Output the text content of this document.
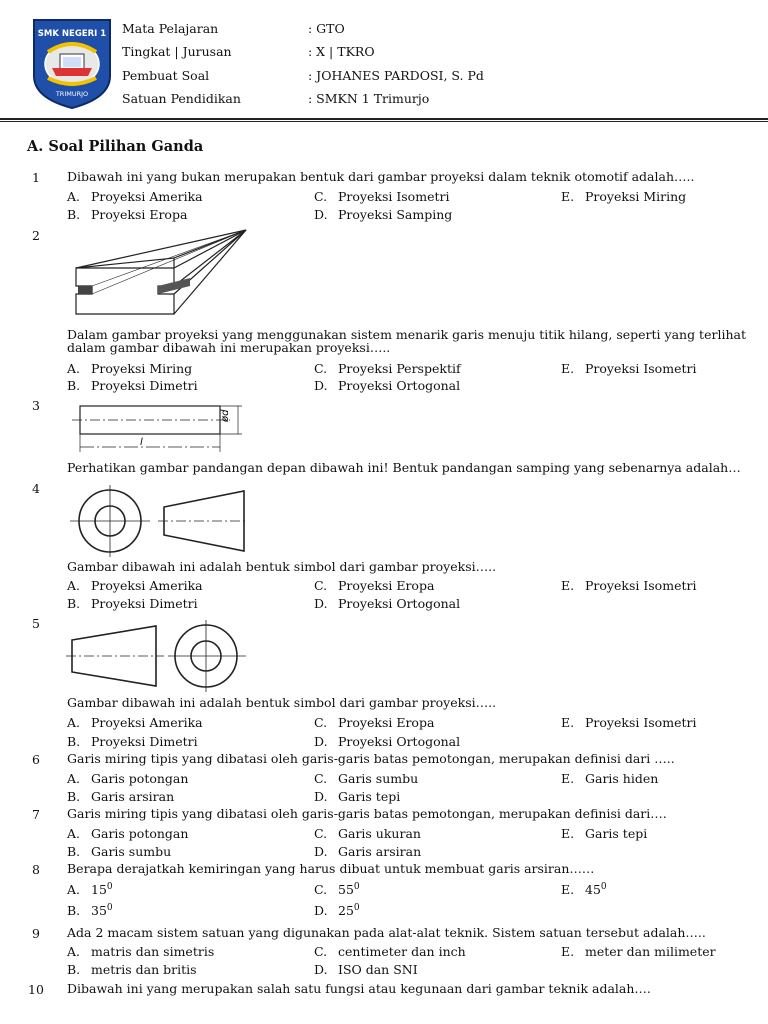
SMK NEGERI 1
TRIMURJO
Mata Pelajaran	: GTO
Tingkat | Jurusan	: X | TKRO
Pembuat Soal	: JOHANES PARDOSI, S. Pd
Satuan Pendidikan	: SMKN 1 Trimurjo
A. Soal Pilihan Ganda
1 Dibawah ini yang bukan merupakan bentuk dari gambar proyeksi dalam teknik otomotif adalah…..
A. Proyeksi Amerika	C. Proyeksi Isometri	E. Proyeksi Miring
B. Proyeksi Eropa	D. Proyeksi Samping
2
Dalam gambar proyeksi yang menggunakan sistem menarik garis menuju titik hilang, seperti yang terlihat dalam gambar dibawah ini merupakan proyeksi…..
A. Proyeksi Miring	C. Proyeksi Perspektif	E. Proyeksi Isometri
B. Proyeksi Dimetri	D. Proyeksi Ortogonal
3
ød
l
Perhatikan gambar pandangan depan dibawah ini! Bentuk pandangan samping yang sebenarnya adalah…
4
Gambar dibawah ini adalah bentuk simbol dari gambar proyeksi…..
A. Proyeksi Amerika	C. Proyeksi Eropa	E. Proyeksi Isometri
B. Proyeksi Dimetri	D. Proyeksi Ortogonal
5
Gambar dibawah ini adalah bentuk simbol dari gambar proyeksi…..
A. Proyeksi Amerika	C. Proyeksi Eropa	E. Proyeksi Isometri
B. Proyeksi Dimetri	D. Proyeksi Ortogonal
6 Garis miring tipis yang dibatasi oleh garis-garis batas pemotongan, merupakan definisi dari …..
A. Garis potongan	C. Garis sumbu	E. Garis hiden
B. Garis arsiran	D. Garis tepi
7 Garis miring tipis yang dibatasi oleh garis-garis batas pemotongan, merupakan definisi dari….
A. Garis potongan	C. Garis ukuran	E. Garis tepi
B. Garis sumbu	D. Garis arsiran
8 Berapa derajatkah kemiringan yang harus dibuat untuk membuat garis arsiran……
A. $15^0$	C. $55^0$	E. $45^0$
B. $35^0$	D. $25^0$
9 Ada 2 macam sistem satuan yang digunakan pada alat-alat teknik. Sistem satuan tersebut adalah…..
A. matris dan simetris	C. centimeter dan inch	E. meter dan milimeter
B. metris dan britis	D. ISO dan SNI
10 Dibawah ini yang merupakan salah satu fungsi atau kegunaan dari gambar teknik adalah….
